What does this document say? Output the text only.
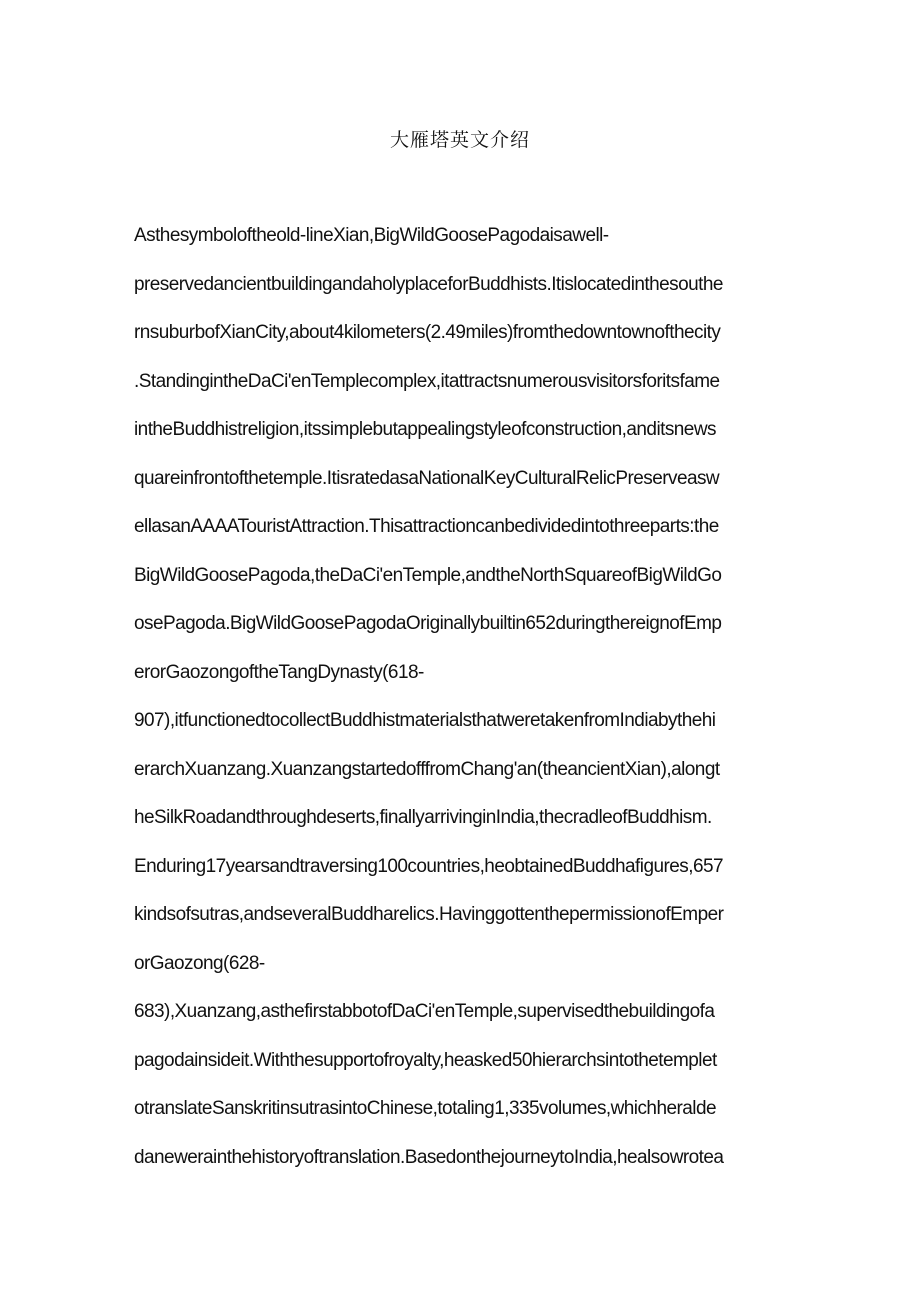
大雁塔英文介绍
Asthesymboloftheold-lineXian,BigWildGoosePagodaisawell-
preservedancientbuildingandaholyplaceforBuddhists.Itislocatedinthesouthe
rnsuburbofXianCity,about4kilometers(2.49miles)fromthedowntownofthecity
.StandingintheDaCi'enTemplecomplex,itattractsnumerousvisitorsforitsfame
intheBuddhistreligion,itssimplebutappealingstyleofconstruction,anditsnews
quareinfrontofthetemple.ItisratedasaNationalKeyCulturalRelicPreserveasw
ellasanAAAATouristAttraction.Thisattractioncanbedividedintothreeparts:the
BigWildGoosePagoda,theDaCi'enTemple,andtheNorthSquareofBigWildGo
osePagoda.BigWildGoosePagodaOriginallybuiltin652duringthereignofEmp
erorGaozongoftheTangDynasty(618-
907),itfunctionedtocollectBuddhistmaterialsthatweretakenfromIndiabythehi
erarchXuanzang.XuanzangstartedofffromChang'an(theancientXian),alongt
heSilkRoadandthroughdeserts,finallyarrivinginIndia,thecradleofBuddhism.
Enduring17yearsandtraversing100countries,heobtainedBuddhafigures,657
kindsofsutras,andseveralBuddharelics.HavinggottenthepermissionofEmper
orGaozong(628-
683),Xuanzang,asthefirstabbotofDaCi'enTemple,supervisedthebuildingofa
pagodainsideit.Withthesupportofroyalty,heasked50hierarchsintothetemplet
otranslateSanskritinsutrasintoChinese,totaling1,335volumes,whichheralde
danewerainthehistoryoftranslation.BasedonthejourneytoIndia,healsowrotea
